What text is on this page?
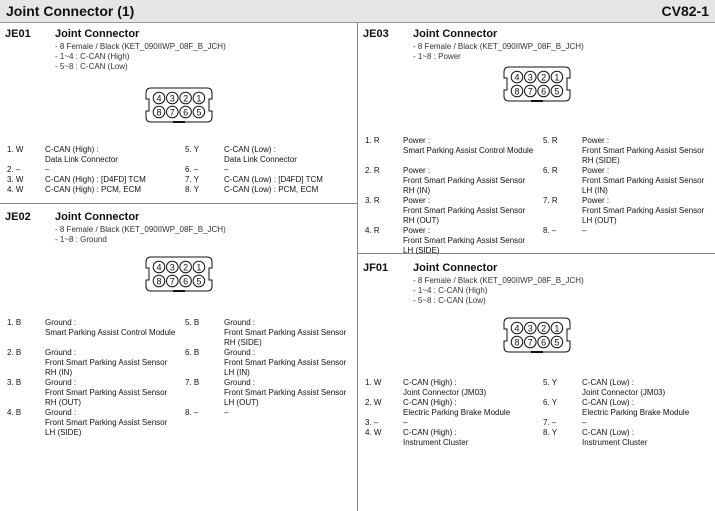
Joint Connector (1)	CV82-1
JE01 Joint Connector
- 8 Female / Black (KET_090IIWP_08F_B_JCH)
- 1~4 : C-CAN (High)
- 5~8 : C-CAN (Low)
4 3 2 1
8 7 6 5
1. W	C-CAN (High) :
Data Link Connector
2. –	–
3. W	C-CAN (High) : [D4FD] TCM
4. W	C-CAN (High) : PCM, ECM
5. Y	C-CAN (Low) :
Data Link Connector
6. –	–
7. Y	C-CAN (Low) : [D4FD] TCM
8. Y	C-CAN (Low) : PCM, ECM
JE02 Joint Connector
- 8 Female / Black (KET_090IIWP_08F_B_JCH)
- 1~8 : Ground
4 3 2 1
8 7 6 5
1. B	Ground :
Smart Parking Assist Control Module
2. B	Ground :
Front Smart Parking Assist Sensor
RH (IN)
3. B	Ground :
Front Smart Parking Assist Sensor
RH (OUT)
4. B	Ground :
Front Smart Parking Assist Sensor
LH (SIDE)
5. B	Ground :
Front Smart Parking Assist Sensor
RH (SIDE)
6. B	Ground :
Front Smart Parking Assist Sensor
LH (IN)
7. B	Ground :
Front Smart Parking Assist Sensor
LH (OUT)
8. –	–
JE03 Joint Connector
- 8 Female / Black (KET_090IIWP_08F_B_JCH)
- 1~8 : Power
4 3 2 1
8 7 6 5
1. R	Power :
Smart Parking Assist Control Module
2. R	Power :
Front Smart Parking Assist Sensor
RH (IN)
3. R	Power :
Front Smart Parking Assist Sensor
RH (OUT)
4. R	Power :
Front Smart Parking Assist Sensor
LH (SIDE)
5. R	Power :
Front Smart Parking Assist Sensor
RH (SIDE)
6. R	Power :
Front Smart Parking Assist Sensor
LH (IN)
7. R	Power :
Front Smart Parking Assist Sensor
LH (OUT)
8. –	–
JF01 Joint Connector
- 8 Female / Black (KET_090IIWP_08F_B_JCH)
- 1~4 : C-CAN (High)
- 5~8 : C-CAN (Low)
4 3 2 1
8 7 6 5
1. W	C-CAN (High) :
Joint Connector (JM03)
2. W	C-CAN (High) :
Electric Parking Brake Module
3. –	–
4. W	C-CAN (High) :
Instrument Cluster
5. Y	C-CAN (Low) :
Joint Connector (JM03)
6. Y	C-CAN (Low) :
Electric Parking Brake Module
7. –	–
8. Y	C-CAN (Low) :
Instrument Cluster
